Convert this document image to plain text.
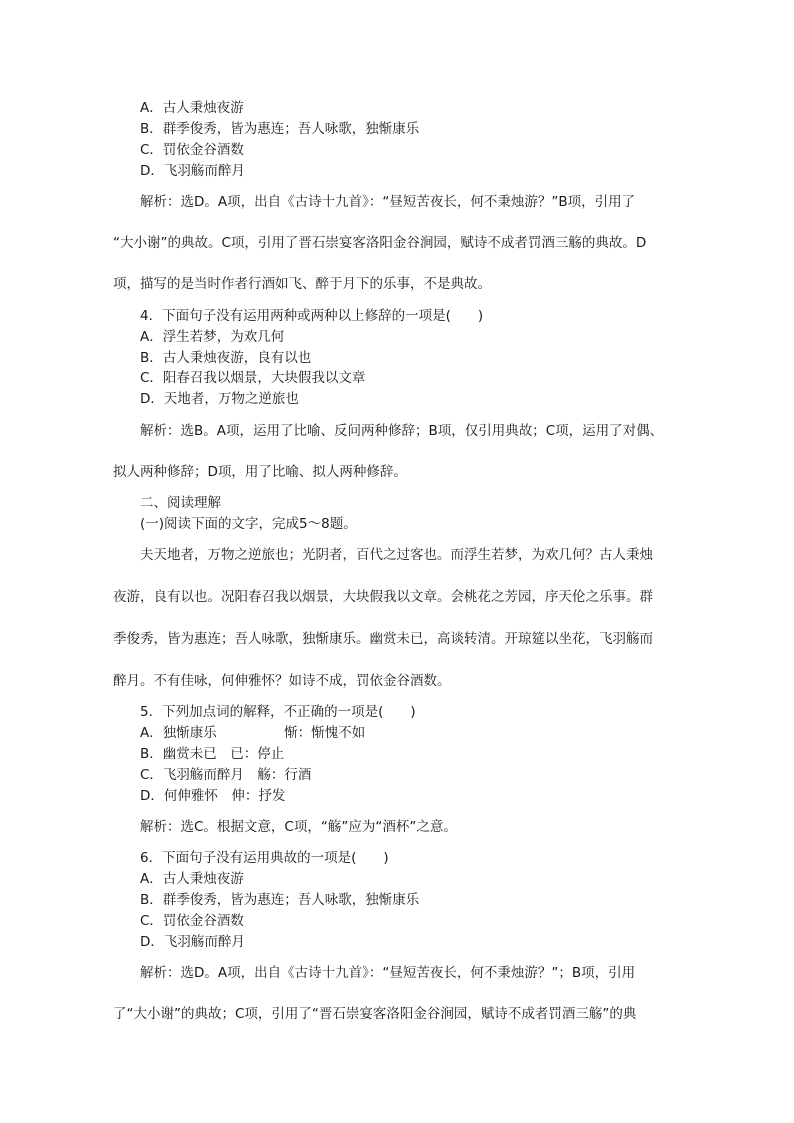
A．古人秉烛夜游
B．群季俊秀，皆为惠连；吾人咏歌，独惭康乐
C．罚依金谷酒数
D．飞羽觞而醉月
解析：选D。A项，出自《古诗十九首》：“昼短苦夜长，何不秉烛游？”B项，引用了
“大小谢”的典故。C项，引用了晋石崇宴客洛阳金谷涧园，赋诗不成者罚酒三觞的典故。D
项，描写的是当时作者行酒如飞、醉于月下的乐事，不是典故。
4．下面句子没有运用两种或两种以上修辞的一项是(　　)
A．浮生若梦，为欢几何
B．古人秉烛夜游，良有以也
C．阳春召我以烟景，大块假我以文章
D．天地者，万物之逆旅也
解析：选B。A项，运用了比喻、反问两种修辞；B项，仅引用典故；C项，运用了对偶、
拟人两种修辞；D项，用了比喻、拟人两种修辞。
二、阅读理解
(一)阅读下面的文字，完成5～8题。
夫天地者，万物之逆旅也；光阴者，百代之过客也。而浮生若梦，为欢几何？古人秉烛
夜游，良有以也。况阳春召我以烟景，大块假我以文章。会桃花之芳园，序天伦之乐事。群
季俊秀，皆为惠连；吾人咏歌，独惭康乐。幽赏未已，高谈转清。开琼筵以坐花，飞羽觞而
醉月。不有佳咏，何伸雅怀？如诗不成，罚依金谷酒数。
5．下列加点词的解释，不正确的一项是(　　)
A．独惭康乐　　　　　惭：惭愧不如
B．幽赏未已　已：停止
C．飞羽觞而醉月　觞：行酒
D．何伸雅怀　伸：抒发
解析：选C。根据文意，C项，“觞”应为“酒杯”之意。
6．下面句子没有运用典故的一项是(　　)
A．古人秉烛夜游
B．群季俊秀，皆为惠连；吾人咏歌，独惭康乐
C．罚依金谷酒数
D．飞羽觞而醉月
解析：选D。A项，出自《古诗十九首》：“昼短苦夜长，何不秉烛游？”；B项，引用
了“大小谢”的典故；C项，引用了“晋石崇宴客洛阳金谷涧园，赋诗不成者罚酒三觞”的典
